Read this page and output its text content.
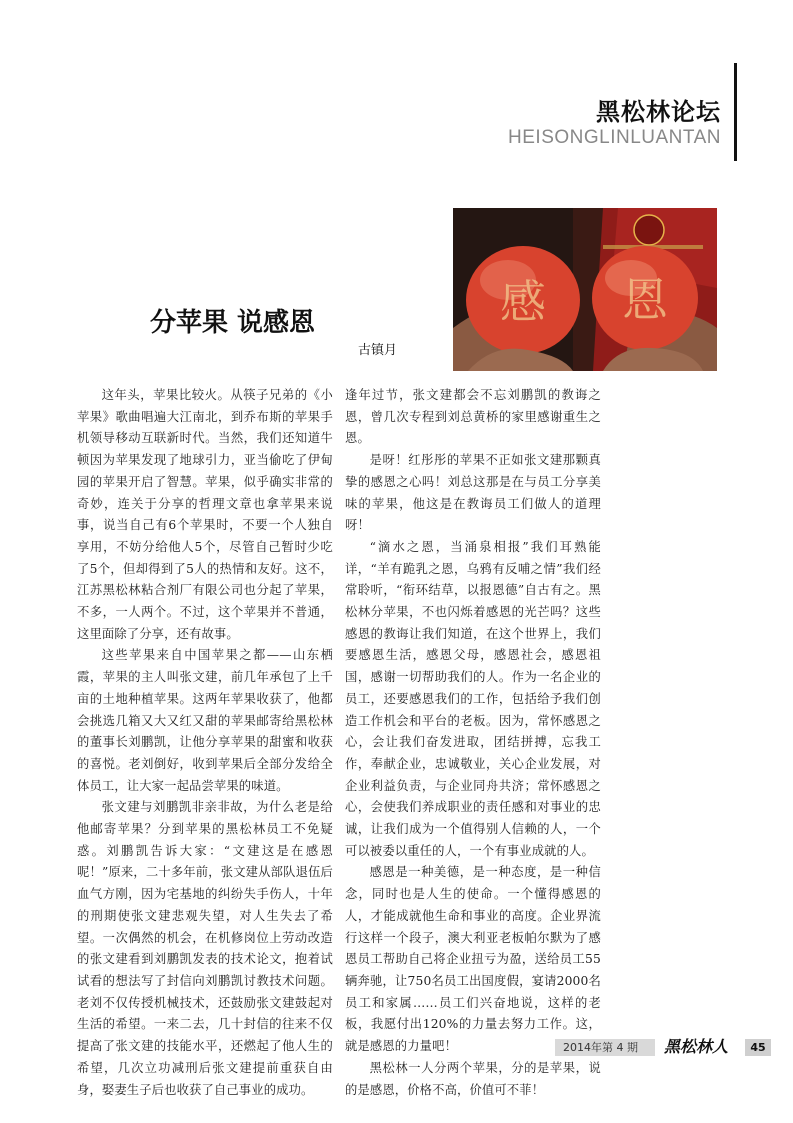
黑松林论坛
HEISONGLINLUANTAN
感 恩
分苹果 说感恩
古镇月

这年头，苹果比较火。从筷子兄弟的《小苹果》歌曲唱遍大江南北，到乔布斯的苹果手机领导移动互联新时代。当然，我们还知道牛顿因为苹果发现了地球引力，亚当偷吃了伊甸园的苹果开启了智慧。苹果，似乎确实非常的奇妙，连关于分享的哲理文章也拿苹果来说事，说当自己有6个苹果时，不要一个人独自享用，不妨分给他人5个，尽管自己暂时少吃了5个，但却得到了5人的热情和友好。这不，江苏黑松林粘合剂厂有限公司也分起了苹果，不多，一人两个。不过，这个苹果并不普通，这里面除了分享，还有故事。

这些苹果来自中国苹果之都——山东栖霞，苹果的主人叫张文建，前几年承包了上千亩的土地种植苹果。这两年苹果收获了，他都会挑选几箱又大又红又甜的苹果邮寄给黑松林的董事长刘鹏凯，让他分享苹果的甜蜜和收获的喜悦。老刘倒好，收到苹果后全部分发给全体员工，让大家一起品尝苹果的味道。

张文建与刘鹏凯非亲非故，为什么老是给他邮寄苹果？分到苹果的黑松林员工不免疑惑。刘鹏凯告诉大家：“文建这是在感恩呢！”原来，二十多年前，张文建从部队退伍后血气方刚，因为宅基地的纠纷失手伤人，十年的刑期使张文建悲观失望，对人生失去了希望。一次偶然的机会，在机修岗位上劳动改造的张文建看到刘鹏凯发表的技术论文，抱着试试看的想法写了封信向刘鹏凯讨教技术问题。老刘不仅传授机械技术，还鼓励张文建鼓起对生活的希望。一来二去，几十封信的往来不仅提高了张文建的技能水平，还燃起了他人生的希望，几次立功减刑后张文建提前重获自由身，娶妻生子后也收获了自己事业的成功。

逢年过节，张文建都会不忘刘鹏凯的教诲之恩，曾几次专程到刘总黄桥的家里感谢重生之恩。

是呀！红彤彤的苹果不正如张文建那颗真挚的感恩之心吗！刘总这那是在与员工分享美味的苹果，他这是在教诲员工们做人的道理呀！

“滴水之恩，当涌泉相报”我们耳熟能详，“羊有跪乳之恩，乌鸦有反哺之情”我们经常聆听，“衔环结草，以报恩德”自古有之。黑松林分苹果，不也闪烁着感恩的光芒吗？这些感恩的教诲让我们知道，在这个世界上，我们要感恩生活，感恩父母，感恩社会，感恩祖国，感谢一切帮助我们的人。作为一名企业的员工，还要感恩我们的工作，包括给予我们创造工作机会和平台的老板。因为，常怀感恩之心，会让我们奋发进取，团结拼搏，忘我工作，奉献企业，忠诚敬业，关心企业发展，对企业利益负责，与企业同舟共济；常怀感恩之心，会使我们养成职业的责任感和对事业的忠诚，让我们成为一个值得别人信赖的人，一个可以被委以重任的人，一个有事业成就的人。

感恩是一种美德，是一种态度，是一种信念，同时也是人生的使命。一个懂得感恩的人，才能成就他生命和事业的高度。企业界流行这样一个段子，澳大利亚老板帕尔默为了感恩员工帮助自己将企业扭亏为盈，送给员工55辆奔驰，让750名员工出国度假，宴请2000名员工和家属……员工们兴奋地说，这样的老板，我愿付出120%的力量去努力工作。这，就是感恩的力量吧！

黑松林一人分两个苹果，分的是苹果，说的是感恩，价格不高，价值可不菲！

2014年第 4 期 黑松林人	45
